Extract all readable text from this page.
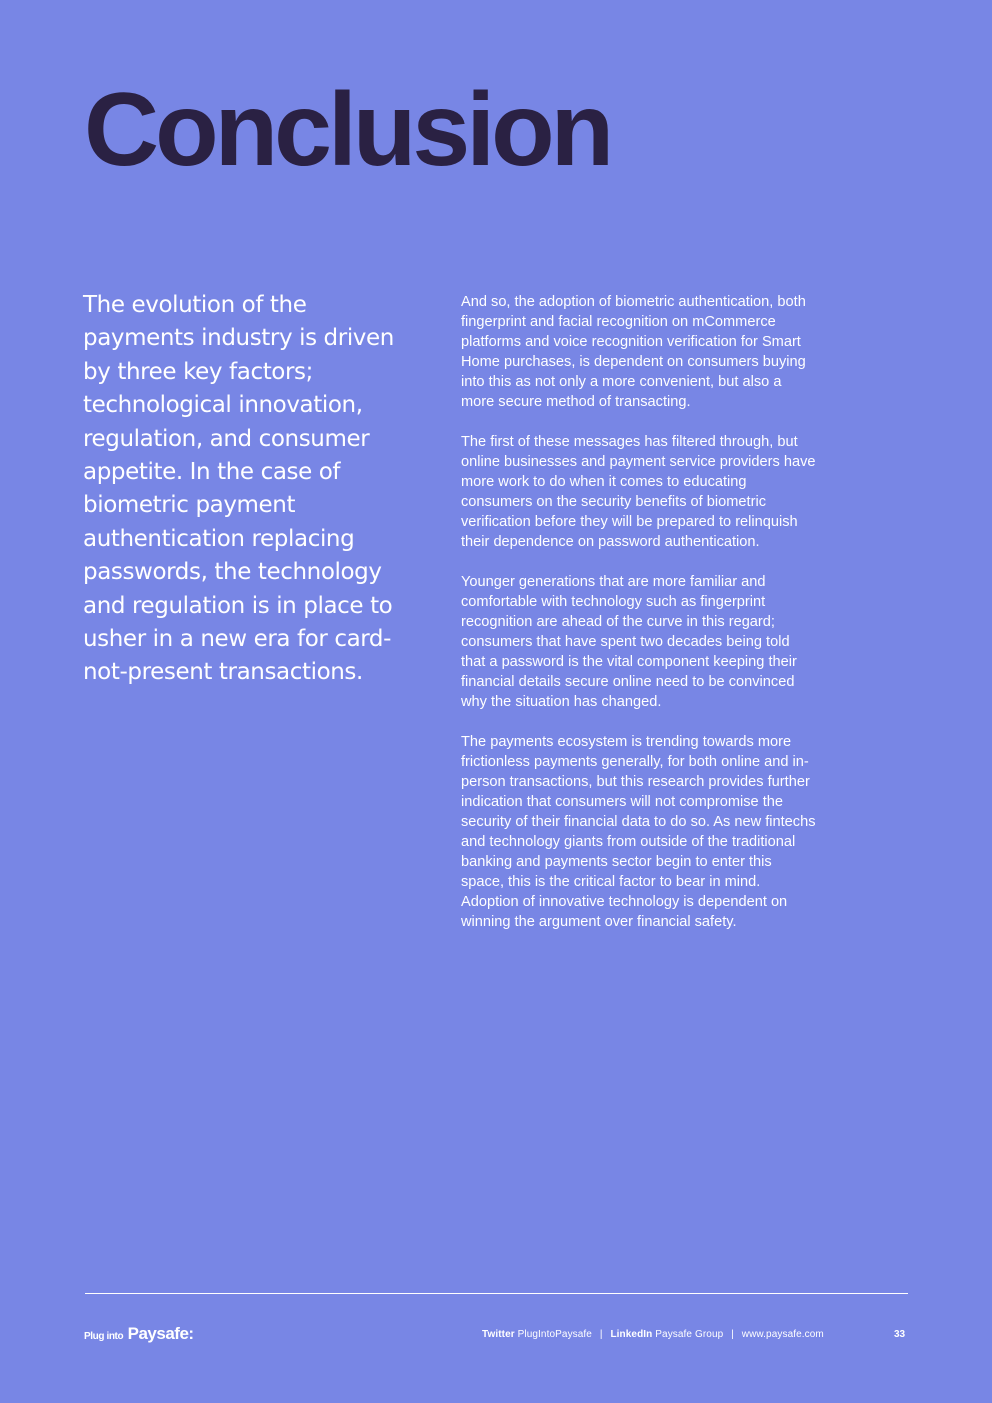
Conclusion

The evolution of the payments industry is driven by three key factors; technological innovation, regulation, and consumer appetite. In the case of biometric payment authentication replacing passwords, the technology and regulation is in place to usher in a new era for card-not-present transactions.

And so, the adoption of biometric authentication, both fingerprint and facial recognition on mCommerce platforms and voice recognition verification for Smart Home purchases, is dependent on consumers buying into this as not only a more convenient, but also a more secure method of transacting.

The first of these messages has filtered through, but online businesses and payment service providers have more work to do when it comes to educating consumers on the security benefits of biometric verification before they will be prepared to relinquish their dependence on password authentication.

Younger generations that are more familiar and comfortable with technology such as fingerprint recognition are ahead of the curve in this regard; consumers that have spent two decades being told that a password is the vital component keeping their financial details secure online need to be convinced why the situation has changed.

The payments ecosystem is trending towards more frictionless payments generally, for both online and in-person transactions, but this research provides further indication that consumers will not compromise the security of their financial data to do so. As new fintechs and technology giants from outside of the traditional banking and payments sector begin to enter this space, this is the critical factor to bear in mind. Adoption of innovative technology is dependent on winning the argument over financial safety.

Plug into Paysafe:	Twitter PlugIntoPaysafe | LinkedIn Paysafe Group | www.paysafe.com	33
